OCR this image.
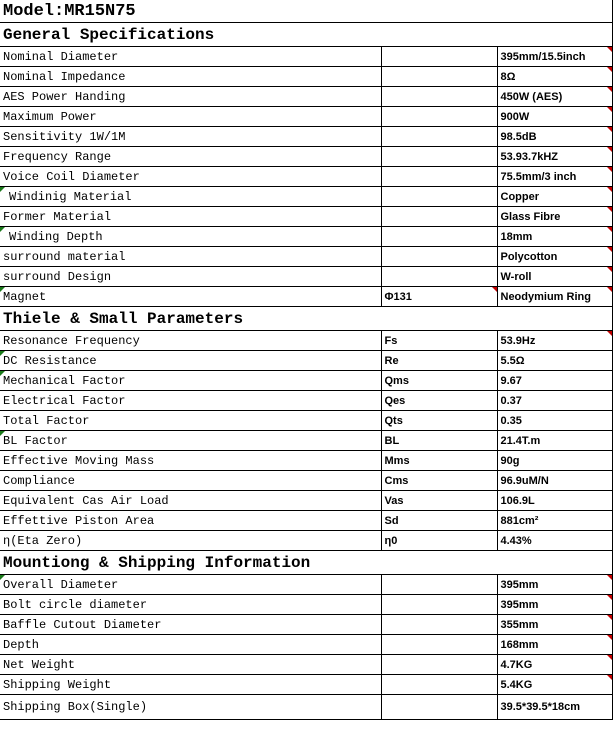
Model:MR15N75		
General Specifications		
Nominal Diameter		395mm/15.5inch

Nominal Impedance		8Ω

AES Power Handing		450W (AES)

Maximum Power		900W

Sensitivity 1W/1M		98.5dB

Frequency Range		53.93.7kHZ

Voice Coil Diameter		75.5mm/3 inch

Windinig Material		Copper

Former Material		Glass Fibre

Winding Depth		18mm

surround material		Polycotton

surround Design		W-roll

Magnet	Φ131	Neodymium Ring

Thiele & Small Parameters		
Resonance Frequency	Fs	53.9Hz

DC Resistance	Re	5.5Ω
Mechanical Factor	Qms	9.67
Electrical Factor	Qes	0.37
Total Factor	Qts	0.35
BL Factor	BL	21.4T.m
Effective Moving Mass	Mms	90g
Compliance	Cms	96.9uM/N
Equivalent Cas Air Load	Vas	106.9L
Effettive Piston Area	Sd	881cm²
η(Eta Zero)	η0	4.43%
Mountiong & Shipping Information		
Overall Diameter		395mm

Bolt circle diameter		395mm

Baffle Cutout Diameter		355mm

Depth		168mm

Net Weight		4.7KG

Shipping Weight		5.4KG

Shipping Box(Single)		39.5*39.5*18cm
